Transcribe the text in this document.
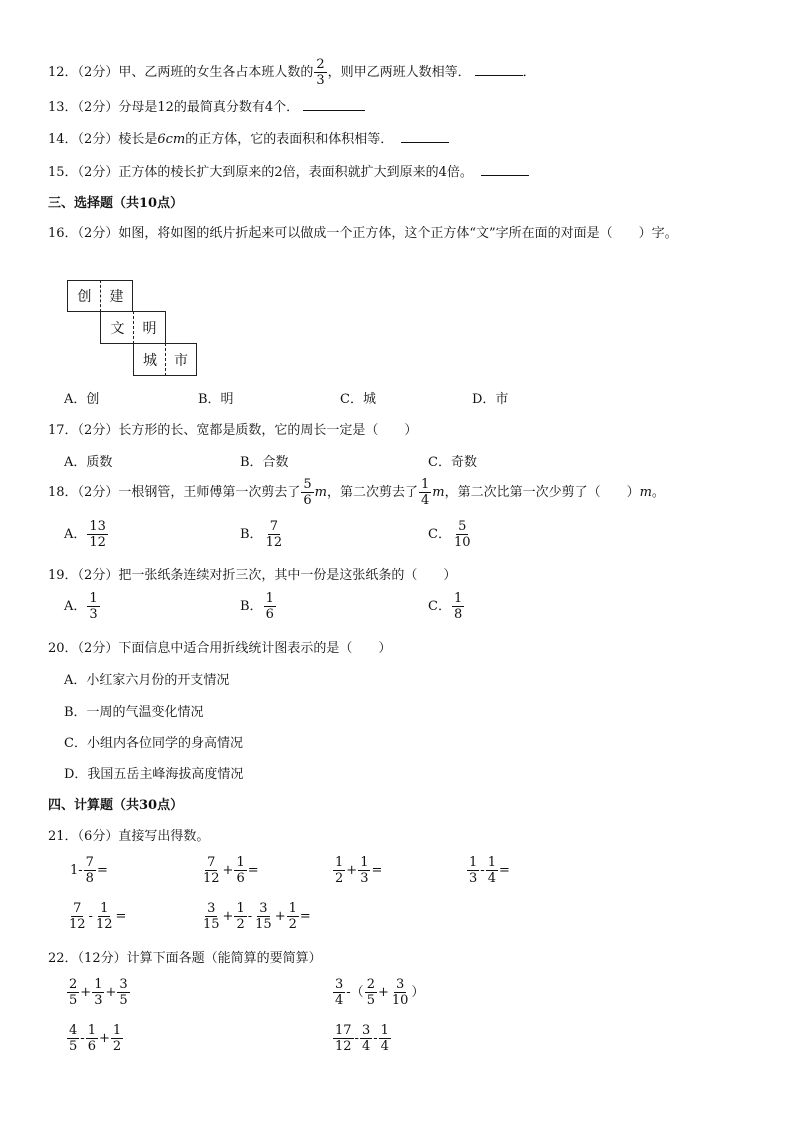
12．（2分）甲、乙两班的女生各占本班人数的 $\frac{2}{3}$ ，则甲乙两班人数相等．	．
13．（2分）分母是12的最简真分数有4个．
14．（2分）棱长是6cm的正方体，它的表面积和体积相等．
15．（2分）正方体的棱长扩大到原来的2倍，表面积就扩大到原来的4倍。
三、选择题（共10点）
16．（2分）如图，将如图的纸片折起来可以做成一个正方体，这个正方体“文”字所在面的对面是（　　）字。
创	建
文	明
城	市
A．创	B．明	C．城	D．市
17．（2分）长方形的长、宽都是质数，它的周长一定是（　　）
A．质数	B．合数	C．奇数
18．（2分）一根钢管，王师傅第一次剪去了 $\frac{5}{6}$ m，第二次剪去了 $\frac{1}{4}$ m，第二次比第一次少剪了（　　）m。
A． $\frac{13}{12}$	B． $\frac{7}{12}$	C． $\frac{5}{10}$
19．（2分）把一张纸条连续对折三次，其中一份是这张纸条的（　　）
A． $\frac{1}{3}$	B． $\frac{1}{6}$	C． $\frac{1}{8}$
20．（2分）下面信息中适合用折线统计图表示的是（　　）
A．小红家六月份的开支情况
B．一周的气温变化情况
C．小组内各位同学的身高情况
D．我国五岳主峰海拔高度情况
四、计算题（共30点）
21．（6分）直接写出得数。
$1- \frac{7}{8}$ =	$\frac{7}{12} + \frac{1}{6}$ =	$\frac{1}{2} + \frac{1}{3}$ =	$\frac{1}{3} - \frac{1}{4}$ =
$\frac{7}{12} - \frac{1}{12}$ =	$\frac{3}{15} + \frac{1}{2} - \frac{3}{15} + \frac{1}{2}$ =
22．（12分）计算下面各题（能简算的要简算）
$\frac{2}{5} + \frac{1}{3} + \frac{3}{5}$	$\frac{3}{4}$ -（ $\frac{2}{5} + \frac{3}{10}$ ）
$\frac{4}{5} - \frac{1}{6} + \frac{1}{2}$	$\frac{17}{12} - \frac{3}{4} - \frac{1}{4}$
